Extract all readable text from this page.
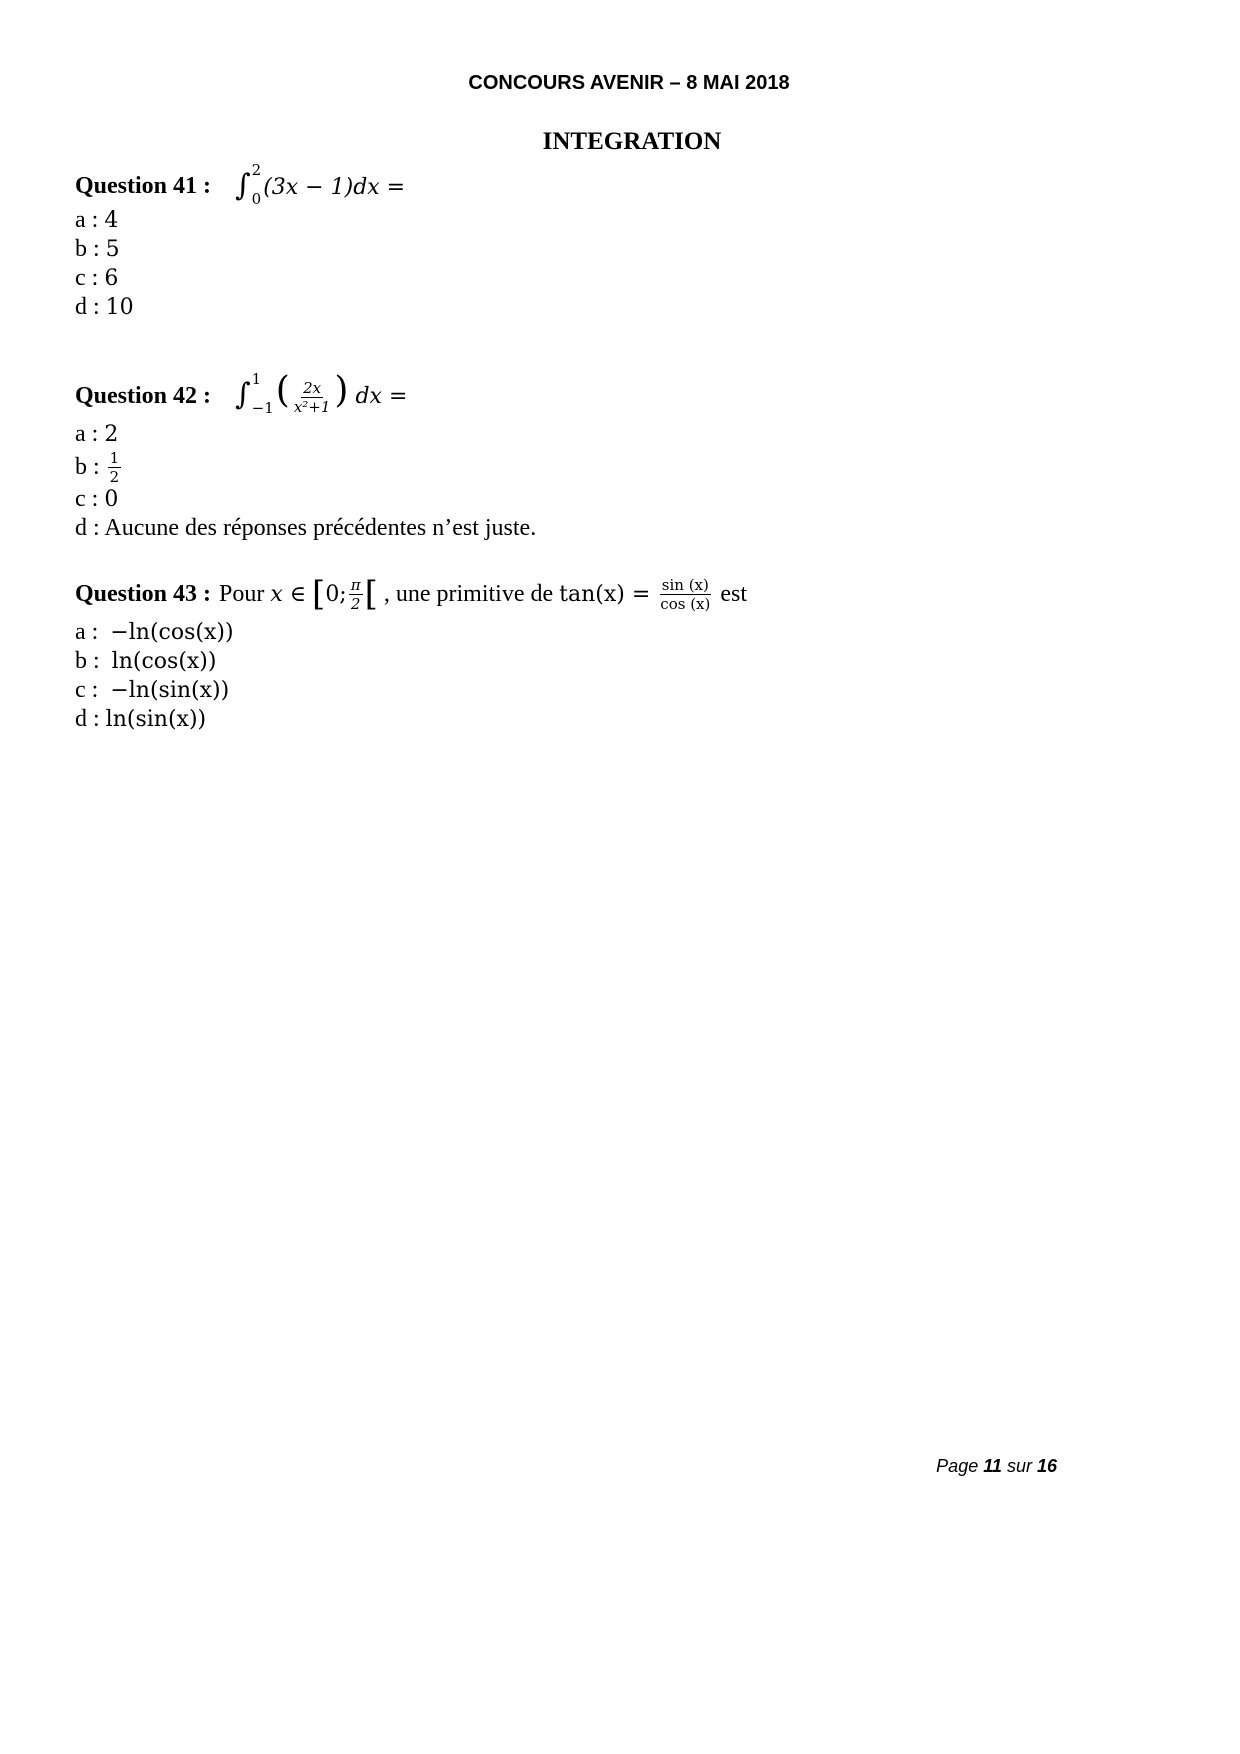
CONCOURS AVENIR – 8 MAI 2018
INTEGRATION
Question 41 : ∫ 2
0 (3x − 1)dx =
a : 4
b : 5
c : 6
d : 10
Question 42 : ∫ 1
−1 ( $\frac{2x}{\text{x²+1}}$ ) dx =
a : 2
b :
$\frac{1}{2}$
c : 0
d : Aucune des réponses précédentes n’est juste.
Question 43 : Pour
x ∈
[ 0; $\frac{\pi}{2}$ [
, une primitive de
tan(x) =
$\frac{\sin (x)}{\cos (x)}$
est
a : −ln(cos(x))
b : ln(cos(x))
c : −ln(sin(x))
d : ln(sin(x))
Page 11 sur 16
